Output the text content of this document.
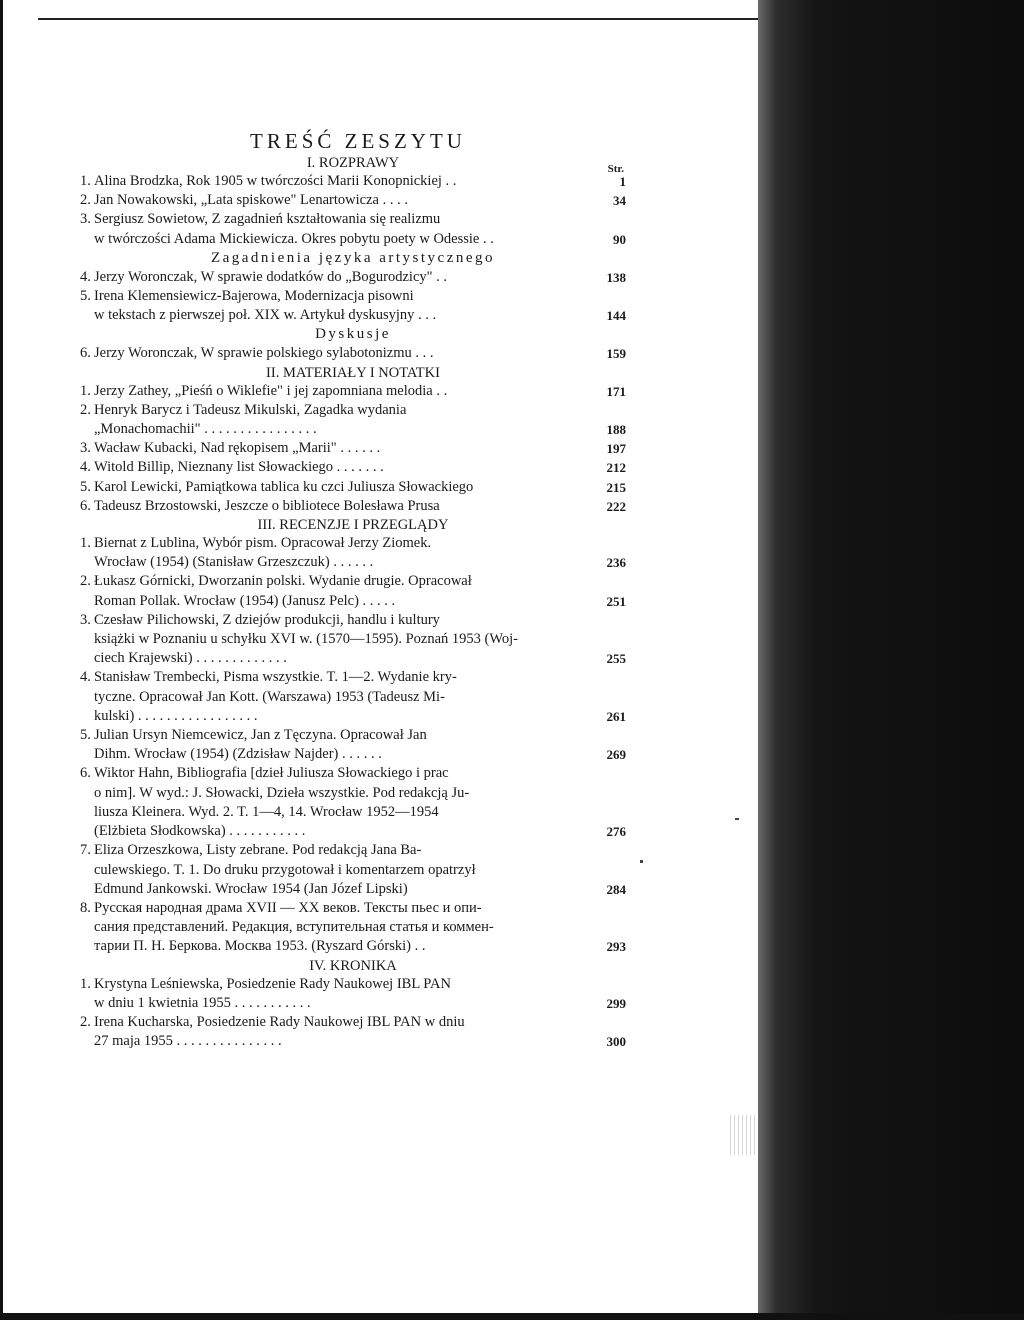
TREŚĆ ZESZYTU
I. ROZPRAWY	Str.
1. Alina Brodzka, Rok 1905 w twórczości Marii Konopnickiej . .	1
2. Jan Nowakowski, „Lata spiskowe" Lenartowicza . . . .	34
3. Sergiusz Sowietow, Z zagadnień kształtowania się realizmu
w twórczości Adama Mickiewicza. Okres pobytu poety w Odessie . .	90
Zagadnienia języka artystycznego
4. Jerzy Woronczak, W sprawie dodatków do „Bogurodzicy" . .	138
5. Irena Klemensiewicz-Bajerowa, Modernizacja pisowni
w tekstach z pierwszej poł. XIX w. Artykuł dyskusyjny . . .	144
Dyskusje
6. Jerzy Woronczak, W sprawie polskiego sylabotonizmu . . .	159
II. MATERIAŁY I NOTATKI
1. Jerzy Zathey, „Pieśń o Wiklefie" i jej zapomniana melodia . .	171
2. Henryk Barycz i Tadeusz Mikulski, Zagadka wydania
„Monachomachii" . . . . . . . . . . . . . . . .	188
3. Wacław Kubacki, Nad rękopisem „Marii" . . . . . .	197
4. Witold Billip, Nieznany list Słowackiego . . . . . . .	212
5. Karol Lewicki, Pamiątkowa tablica ku czci Juliusza Słowackiego	215
6. Tadeusz Brzostowski, Jeszcze o bibliotece Bolesława Prusa	222
III. RECENZJE I PRZEGLĄDY
1. Biernat z Lublina, Wybór pism. Opracował Jerzy Ziomek.
Wrocław (1954) (Stanisław Grzeszczuk) . . . . . .	236
2. Łukasz Górnicki, Dworzanin polski. Wydanie drugie. Opracował
Roman Pollak. Wrocław (1954) (Janusz Pelc) . . . . .	251
3. Czesław Pilichowski, Z dziejów produkcji, handlu i kultury
książki w Poznaniu u schyłku XVI w. (1570—1595). Poznań 1953 (Woj-
ciech Krajewski) . . . . . . . . . . . . .	255
4. Stanisław Trembecki, Pisma wszystkie. T. 1—2. Wydanie kry-
tyczne. Opracował Jan Kott. (Warszawa) 1953 (Tadeusz Mi-
kulski) . . . . . . . . . . . . . . . . .	261
5. Julian Ursyn Niemcewicz, Jan z Tęczyna. Opracował Jan
Dihm. Wrocław (1954) (Zdzisław Najder) . . . . . .	269
6. Wiktor Hahn, Bibliografia [dzieł Juliusza Słowackiego i prac
o nim]. W wyd.: J. Słowacki, Dzieła wszystkie. Pod redakcją Ju-
liusza Kleinera. Wyd. 2. T. 1—4, 14. Wrocław 1952—1954
(Elżbieta Słodkowska) . . . . . . . . . . .	276
7. Eliza Orzeszkowa, Listy zebrane. Pod redakcją Jana Ba-
culewskiego. T. 1. Do druku przygotował i komentarzem opatrzył
Edmund Jankowski. Wrocław 1954 (Jan Józef Lipski)	284
8. Русская народная драма XVII — XX веков. Тексты пьес и опи-
сания представлений. Редакция, вступительная статья и коммен-
тарии П. Н. Беркова. Москва 1953. (Ryszard Górski) . .	293
IV. KRONIKA
1. Krystyna Leśniewska, Posiedzenie Rady Naukowej IBL PAN
w dniu 1 kwietnia 1955 . . . . . . . . . . .	299
2. Irena Kucharska, Posiedzenie Rady Naukowej IBL PAN w dniu
27 maja 1955 . . . . . . . . . . . . . . .	300
